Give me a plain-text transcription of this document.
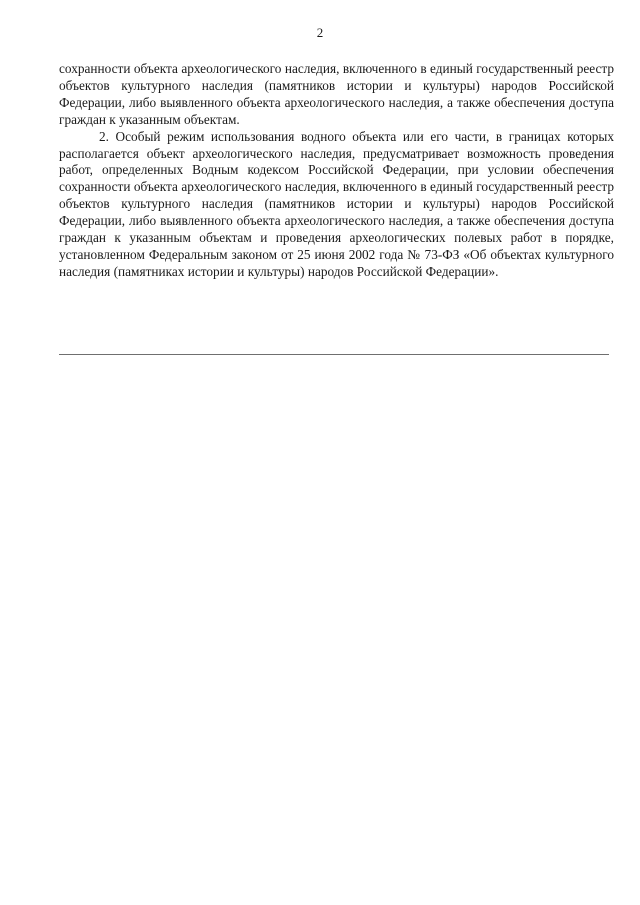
2

сохранности объекта археологического наследия, включенного в единый государственный реестр объектов культурного наследия (памятников истории и культуры) народов Российской Федерации, либо выявленного объекта археологического наследия, а также обеспечения доступа граждан к указанным объектам.

2. Особый режим использования водного объекта или его части, в границах которых располагается объект археологического наследия, предусматривает возможность проведения работ, определенных Водным кодексом Российской Федерации, при условии обеспечения сохранности объекта археологического наследия, включенного в единый государственный реестр объектов культурного наследия (памятников истории и культуры) народов Российской Федерации, либо выявленного объекта археологического наследия, а также обеспечения доступа граждан к указанным объектам и проведения археологических полевых работ в порядке, установленном Федеральным законом от 25 июня 2002 года № 73-ФЗ «Об объектах культурного наследия (памятниках истории и культуры) народов Российской Федерации».
